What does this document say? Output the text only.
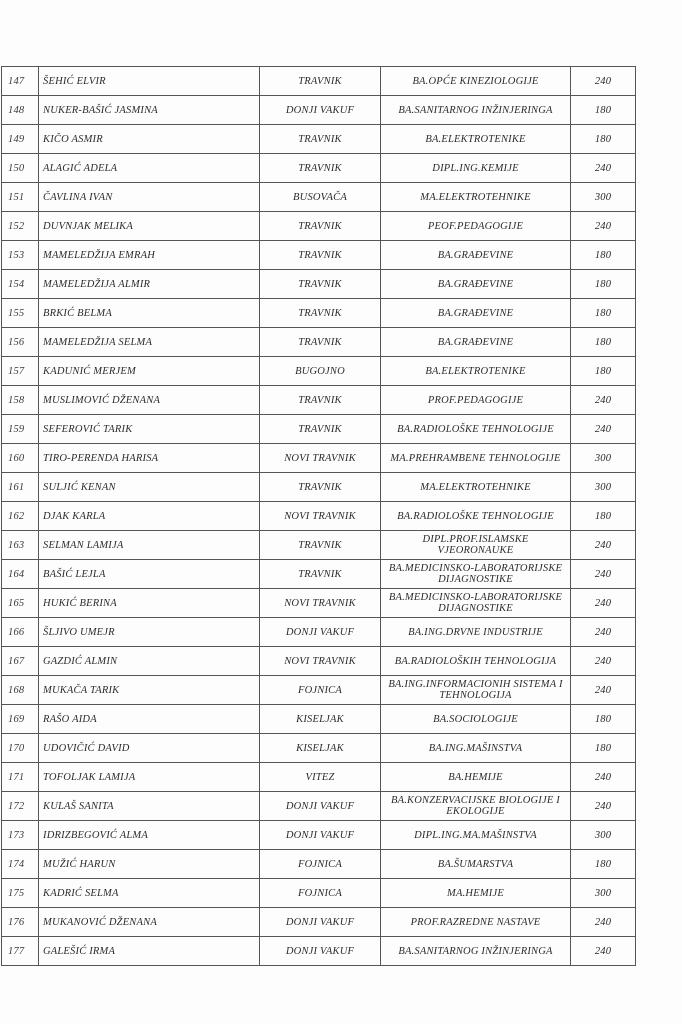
147	ŠEHIĆ ELVIR	TRAVNIK	BA.OPĆE KINEZIOLOGIJE	240
148	NUKER-BAŠIĆ JASMINA	DONJI VAKUF	BA.SANITARNOG INŽINJERINGA	180
149	KIČO ASMIR	TRAVNIK	BA.ELEKTROTENIKE	180
150	ALAGIĆ ADELA	TRAVNIK	DIPL.ING.KEMIJE	240
151	ČAVLINA IVAN	BUSOVAČA	MA.ELEKTROTEHNIKE	300
152	DUVNJAK MELIKA	TRAVNIK	PEOF.PEDAGOGIJE	240
153	MAMELEDŽIJA EMRAH	TRAVNIK	BA.GRAĐEVINE	180
154	MAMELEDŽIJA ALMIR	TRAVNIK	BA.GRAĐEVINE	180
155	BRKIĆ BELMA	TRAVNIK	BA.GRAĐEVINE	180
156	MAMELEDŽIJA SELMA	TRAVNIK	BA.GRAĐEVINE	180
157	KADUNIĆ MERJEM	BUGOJNO	BA.ELEKTROTENIKE	180
158	MUSLIMOVIĆ DŽENANA	TRAVNIK	PROF.PEDAGOGIJE	240
159	SEFEROVIĆ TARIK	TRAVNIK	BA.RADIOLOŠKE TEHNOLOGIJE	240
160	TIRO-PERENDA HARISA	NOVI TRAVNIK	MA.PREHRAMBENE TEHNOLOGIJE	300
161	SULJIĆ KENAN	TRAVNIK	MA.ELEKTROTEHNIKE	300
162	DJAK KARLA	NOVI TRAVNIK	BA.RADIOLOŠKE TEHNOLOGIJE	180
163	SELMAN LAMIJA	TRAVNIK	DIPL.PROF.ISLAMSKE VJEORONAUKE	240
164	BAŠIĆ LEJLA	TRAVNIK	BA.MEDICINSKO-LABORATORIJSKE DIJAGNOSTIKE	240
165	HUKIĆ BERINA	NOVI TRAVNIK	BA.MEDICINSKO-LABORATORIJSKE DIJAGNOSTIKE	240
166	ŠLJIVO UMEJR	DONJI VAKUF	BA.ING.DRVNE INDUSTRIJE	240
167	GAZDIĆ ALMIN	NOVI TRAVNIK	BA.RADIOLOŠKIH TEHNOLOGIJA	240
168	MUKAČA TARIK	FOJNICA	BA.ING.INFORMACIONIH SISTEMA I TEHNOLOGIJA	240
169	RAŠO AIDA	KISELJAK	BA.SOCIOLOGIJE	180
170	UDOVIČIĆ DAVID	KISELJAK	BA.ING.MAŠINSTVA	180
171	TOFOLJAK LAMIJA	VITEZ	BA.HEMIJE	240
172	KULAŠ SANITA	DONJI VAKUF	BA.KONZERVACIJSKE BIOLOGIJE I EKOLOGIJE	240
173	IDRIZBEGOVIĆ ALMA	DONJI VAKUF	DIPL.ING.MA.MAŠINSTVA	300
174	MUŽIĆ HARUN	FOJNICA	BA.ŠUMARSTVA	180
175	KADRIĆ SELMA	FOJNICA	MA.HEMIJE	300
176	MUKANOVIĆ DŽENANA	DONJI VAKUF	PROF.RAZREDNE NASTAVE	240
177	GALEŠIĆ IRMA	DONJI VAKUF	BA.SANITARNOG INŽINJERINGA	240
